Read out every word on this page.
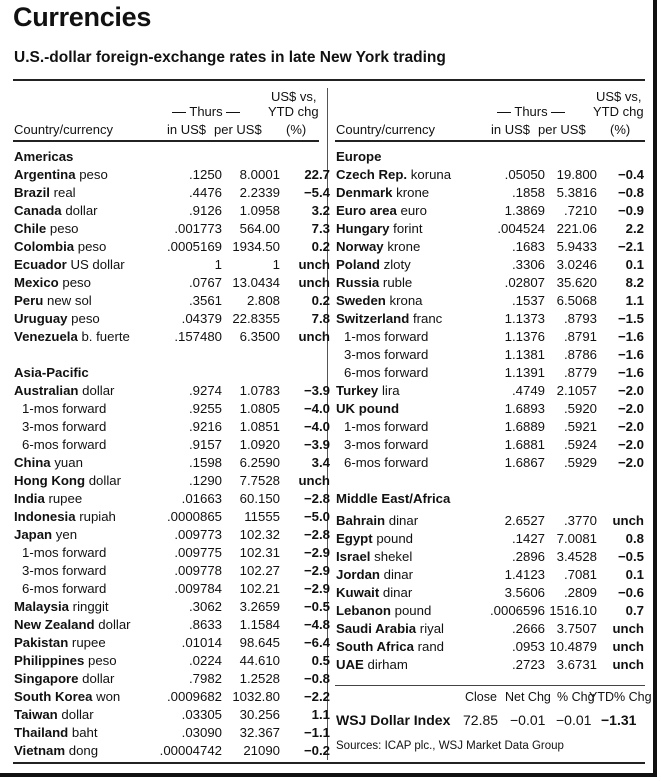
Currencies
U.S.-dollar foreign-exchange rates in late New York trading
US$ vs,
Thurs	YTD chg
Country/currency	in US$ per US$ (%)
US$ vs,
Thurs	YTD chg
Country/currency	in US$ per US$ (%)
Americas
Argentina peso	.1250 8.0001 22.7
Brazil real	.4476 2.2339 −5.4
Canada dollar	.9126 1.0958 3.2
Chile peso	.001773 564.00 7.3
Colombia peso	.0005169 1934.50 0.2
Ecuador US dollar	1	1 unch
Mexico peso	.0767 13.0434 unch
Peru new sol	.3561 2.808 0.2
Uruguay peso	.04379 22.8355 7.8
Venezuela b. fuerte	.157480 6.3500 unch
Asia-Pacific
Australian dollar	.9274 1.0783 −3.9
1-mos forward	.9255 1.0805 −4.0
3-mos forward	.9216 1.0851 −4.0
6-mos forward	.9157 1.0920 −3.9
China yuan	.1598 6.2590 3.4
Hong Kong dollar	.1290 7.7528 unch
India rupee	.01663 60.150 −2.8
Indonesia rupiah	.0000865 11555 −5.0
Japan yen	.009773 102.32 −2.8
1-mos forward	.009775 102.31 −2.9
3-mos forward	.009778 102.27 −2.9
6-mos forward	.009784 102.21 −2.9
Malaysia ringgit	.3062 3.2659 −0.5
New Zealand dollar	.8633 1.1584 −4.8
Pakistan rupee	.01014 98.645 −6.4
Philippines peso	.0224 44.610 0.5
Singapore dollar	.7982 1.2528 −0.8
South Korea won	.0009682 1032.80 −2.2
Taiwan dollar	.03305 30.256 1.1
Thailand baht	.03090 32.367 −1.1
Vietnam dong	.00004742 21090 −0.2
Europe
Czech Rep. koruna	.05050 19.800 −0.4
Denmark krone	.1858 5.3816 −0.8
Euro area euro	1.3869 .7210 −0.9
Hungary forint	.004524 221.06 2.2
Norway krone	.1683 5.9433 −2.1
Poland zloty	.3306 3.0246 0.1
Russia ruble	.02807 35.620 8.2
Sweden krona	.1537 6.5068 1.1
Switzerland franc	1.1373 .8793 −1.5
1-mos forward	1.1376 .8791 −1.6
3-mos forward	1.1381 .8786 −1.6
6-mos forward	1.1391 .8779 −1.6
Turkey lira	.4749 2.1057 −2.0
UK pound	1.6893 .5920 −2.0
1-mos forward	1.6889 .5921 −2.0
3-mos forward	1.6881 .5924 −2.0
6-mos forward	1.6867 .5929 −2.0
Middle East/Africa
Bahrain dinar	2.6527 .3770 unch
Egypt pound	.1427 7.0081 0.8
Israel shekel	.2896 3.4528 −0.5
Jordan dinar	1.4123 .7081 0.1
Kuwait dinar	3.5606 .2809 −0.6
Lebanon pound	.0006596 1516.10 0.7
Saudi Arabia riyal	.2666 3.7507 unch
South Africa rand	.0953 10.4879 unch
UAE dirham	.2723 3.6731 unch
Close Net Chg % Chg
YTD% Chg
WSJ Dollar Index 72.85 −0.01 −0.01 −1.31
Sources: ICAP plc., WSJ Market Data Group
